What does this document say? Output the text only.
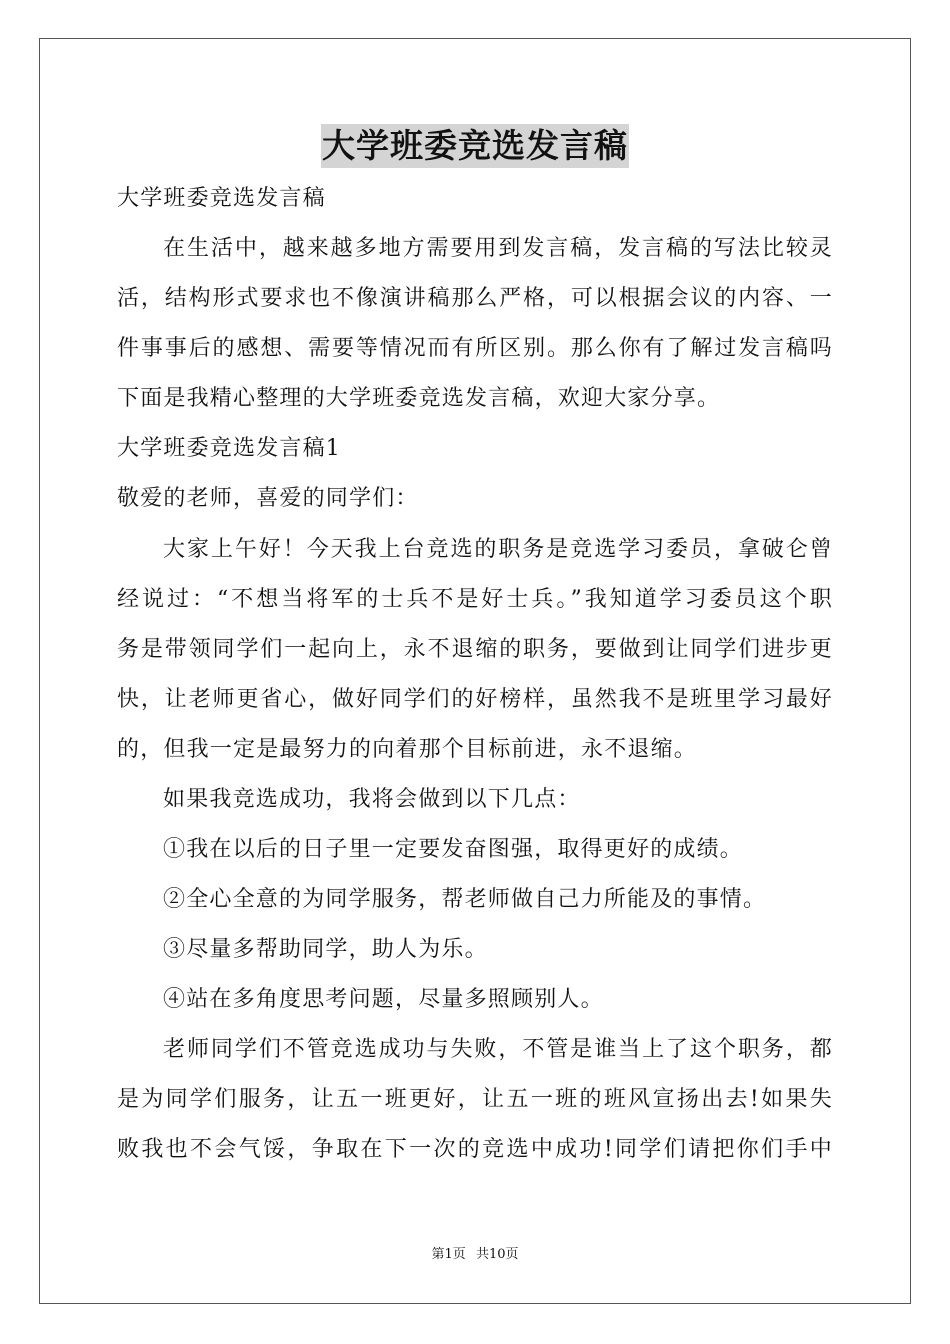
大学班委竞选发言稿
大学班委竞选发言稿
在生活中，越来越多地方需要用到发言稿，发言稿的写法比较灵
活，结构形式要求也不像演讲稿那么严格，可以根据会议的内容、一
件事事后的感想、需要等情况而有所区别。那么你有了解过发言稿吗
下面是我精心整理的大学班委竞选发言稿，欢迎大家分享。
大学班委竞选发言稿1
敬爱的老师，喜爱的同学们：
大家上午好！今天我上台竞选的职务是竞选学习委员，拿破仑曾
经说过：“不想当将军的士兵不是好士兵。”我知道学习委员这个职
务是带领同学们一起向上，永不退缩的职务，要做到让同学们进步更
快，让老师更省心，做好同学们的好榜样，虽然我不是班里学习最好
的，但我一定是最努力的向着那个目标前进，永不退缩。
如果我竞选成功，我将会做到以下几点：
①我在以后的日子里一定要发奋图强，取得更好的成绩。
②全心全意的为同学服务，帮老师做自己力所能及的事情。
③尽量多帮助同学，助人为乐。
④站在多角度思考问题，尽量多照顾别人。
老师同学们不管竞选成功与失败，不管是谁当上了这个职务，都
是为同学们服务，让五一班更好，让五一班的班风宣扬出去!如果失
败我也不会气馁，争取在下一次的竞选中成功!同学们请把你们手中
第1页 共10页
